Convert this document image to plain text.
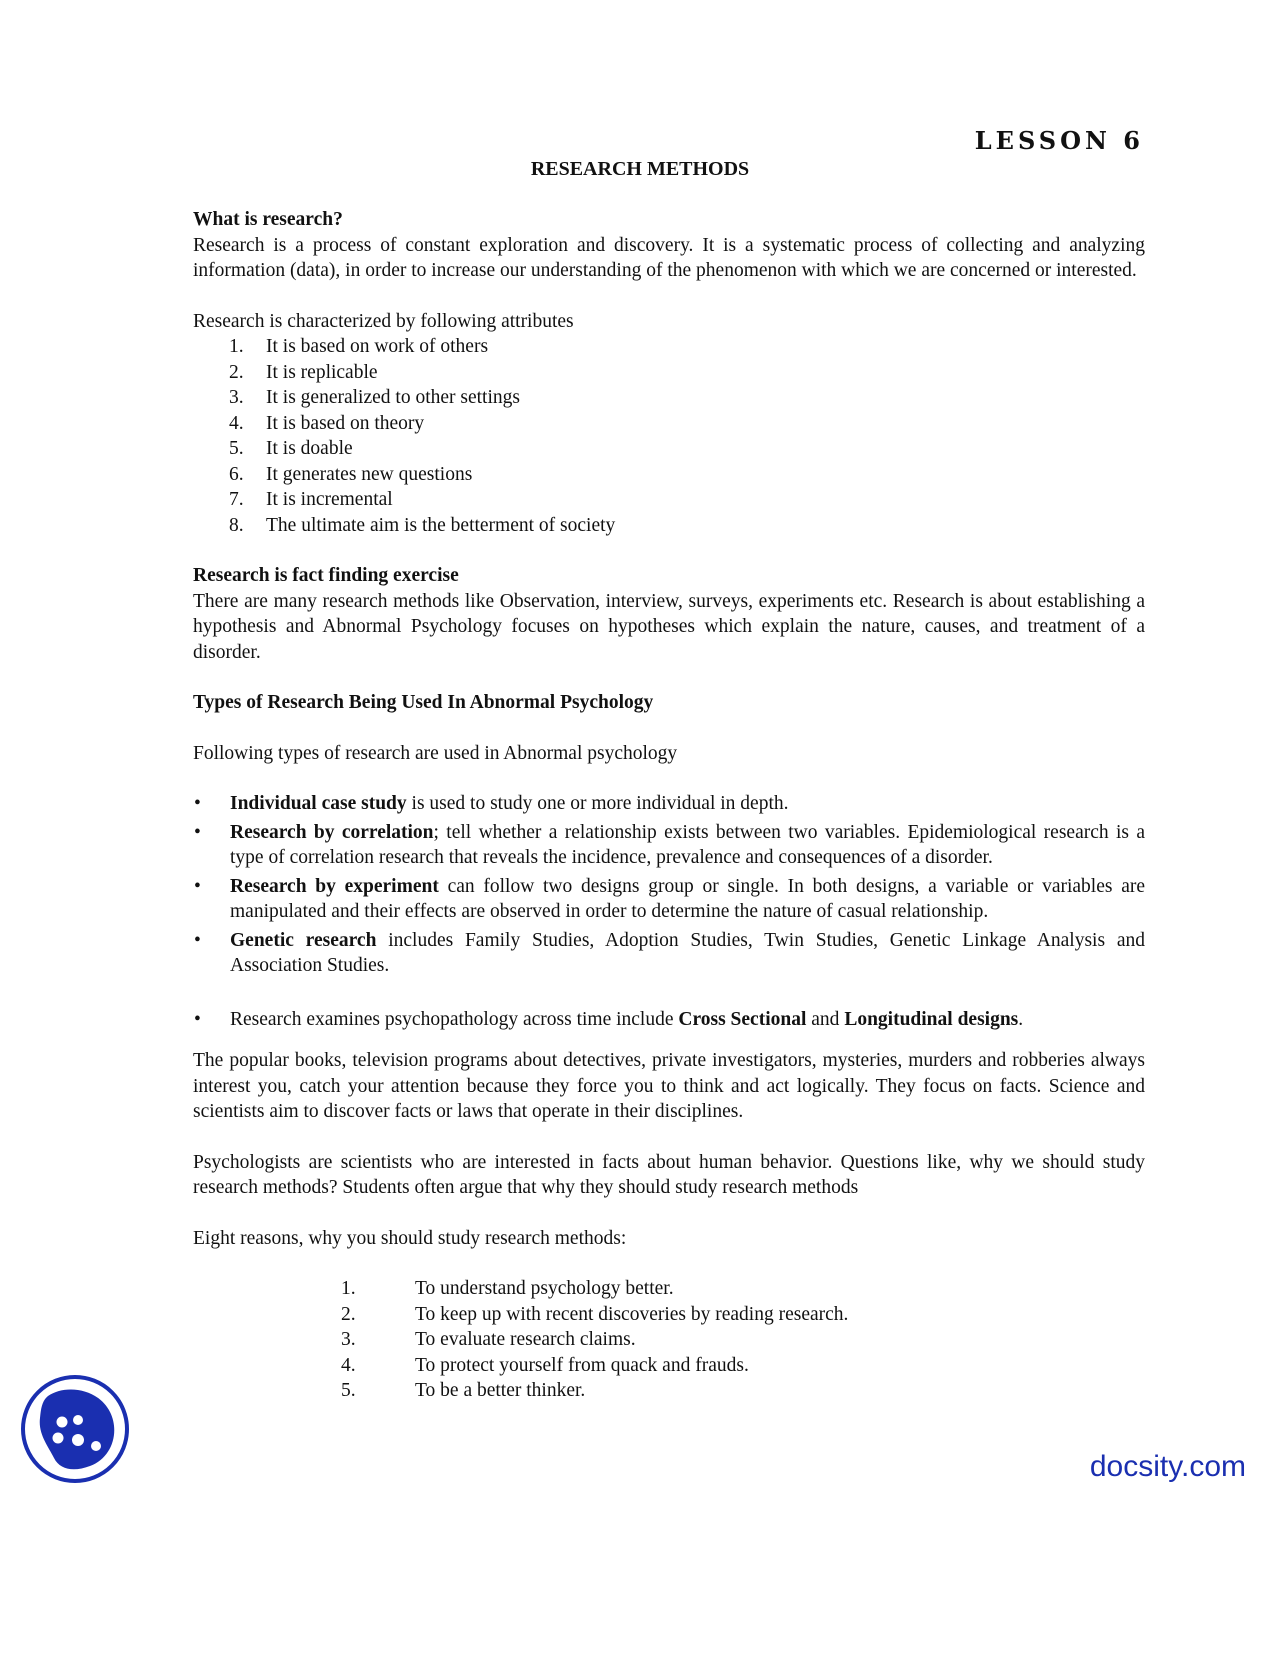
LESSON 6
RESEARCH METHODS

What is research?

Research is a process of constant exploration and discovery. It is a systematic process of collecting and analyzing information (data), in order to increase our understanding of the phenomenon with which we are concerned or interested.

Research is characterized by following attributes

1.	It is based on work of others
2.	It is replicable
3.	It is generalized to other settings
4.	It is based on theory
5.	It is doable
6.	It generates new questions
7.	It is incremental
8.	The ultimate aim is the betterment of society

Research is fact finding exercise

There are many research methods like Observation, interview, surveys, experiments etc. Research is about establishing a hypothesis and Abnormal Psychology focuses on hypotheses which explain the nature, causes, and treatment of a disorder.

Types of Research Being Used In Abnormal Psychology

Following types of research are used in Abnormal psychology

• Individual case study is used to study one or more individual in depth.
• Research by correlation; tell whether a relationship exists between two variables. Epidemiological research is a type of correlation research that reveals the incidence, prevalence and consequences of a disorder.
• Research by experiment can follow two designs group or single. In both designs, a variable or variables are manipulated and their effects are observed in order to determine the nature of casual relationship.
• Genetic research includes Family Studies, Adoption Studies, Twin Studies, Genetic Linkage Analysis and Association Studies.
• Research examines psychopathology across time include Cross Sectional and Longitudinal designs.

The popular books, television programs about detectives, private investigators, mysteries, murders and robberies always interest you, catch your attention because they force you to think and act logically. They focus on facts. Science and scientists aim to discover facts or laws that operate in their disciplines.

Psychologists are scientists who are interested in facts about human behavior. Questions like, why we should study research methods? Students often argue that why they should study research methods

Eight reasons, why you should study research methods:

1.	To understand psychology better.
2.	To keep up with recent discoveries by reading research.
3.	To evaluate research claims.
4.	To protect yourself from quack and frauds.
5.	To be a better thinker.
docsity.com
